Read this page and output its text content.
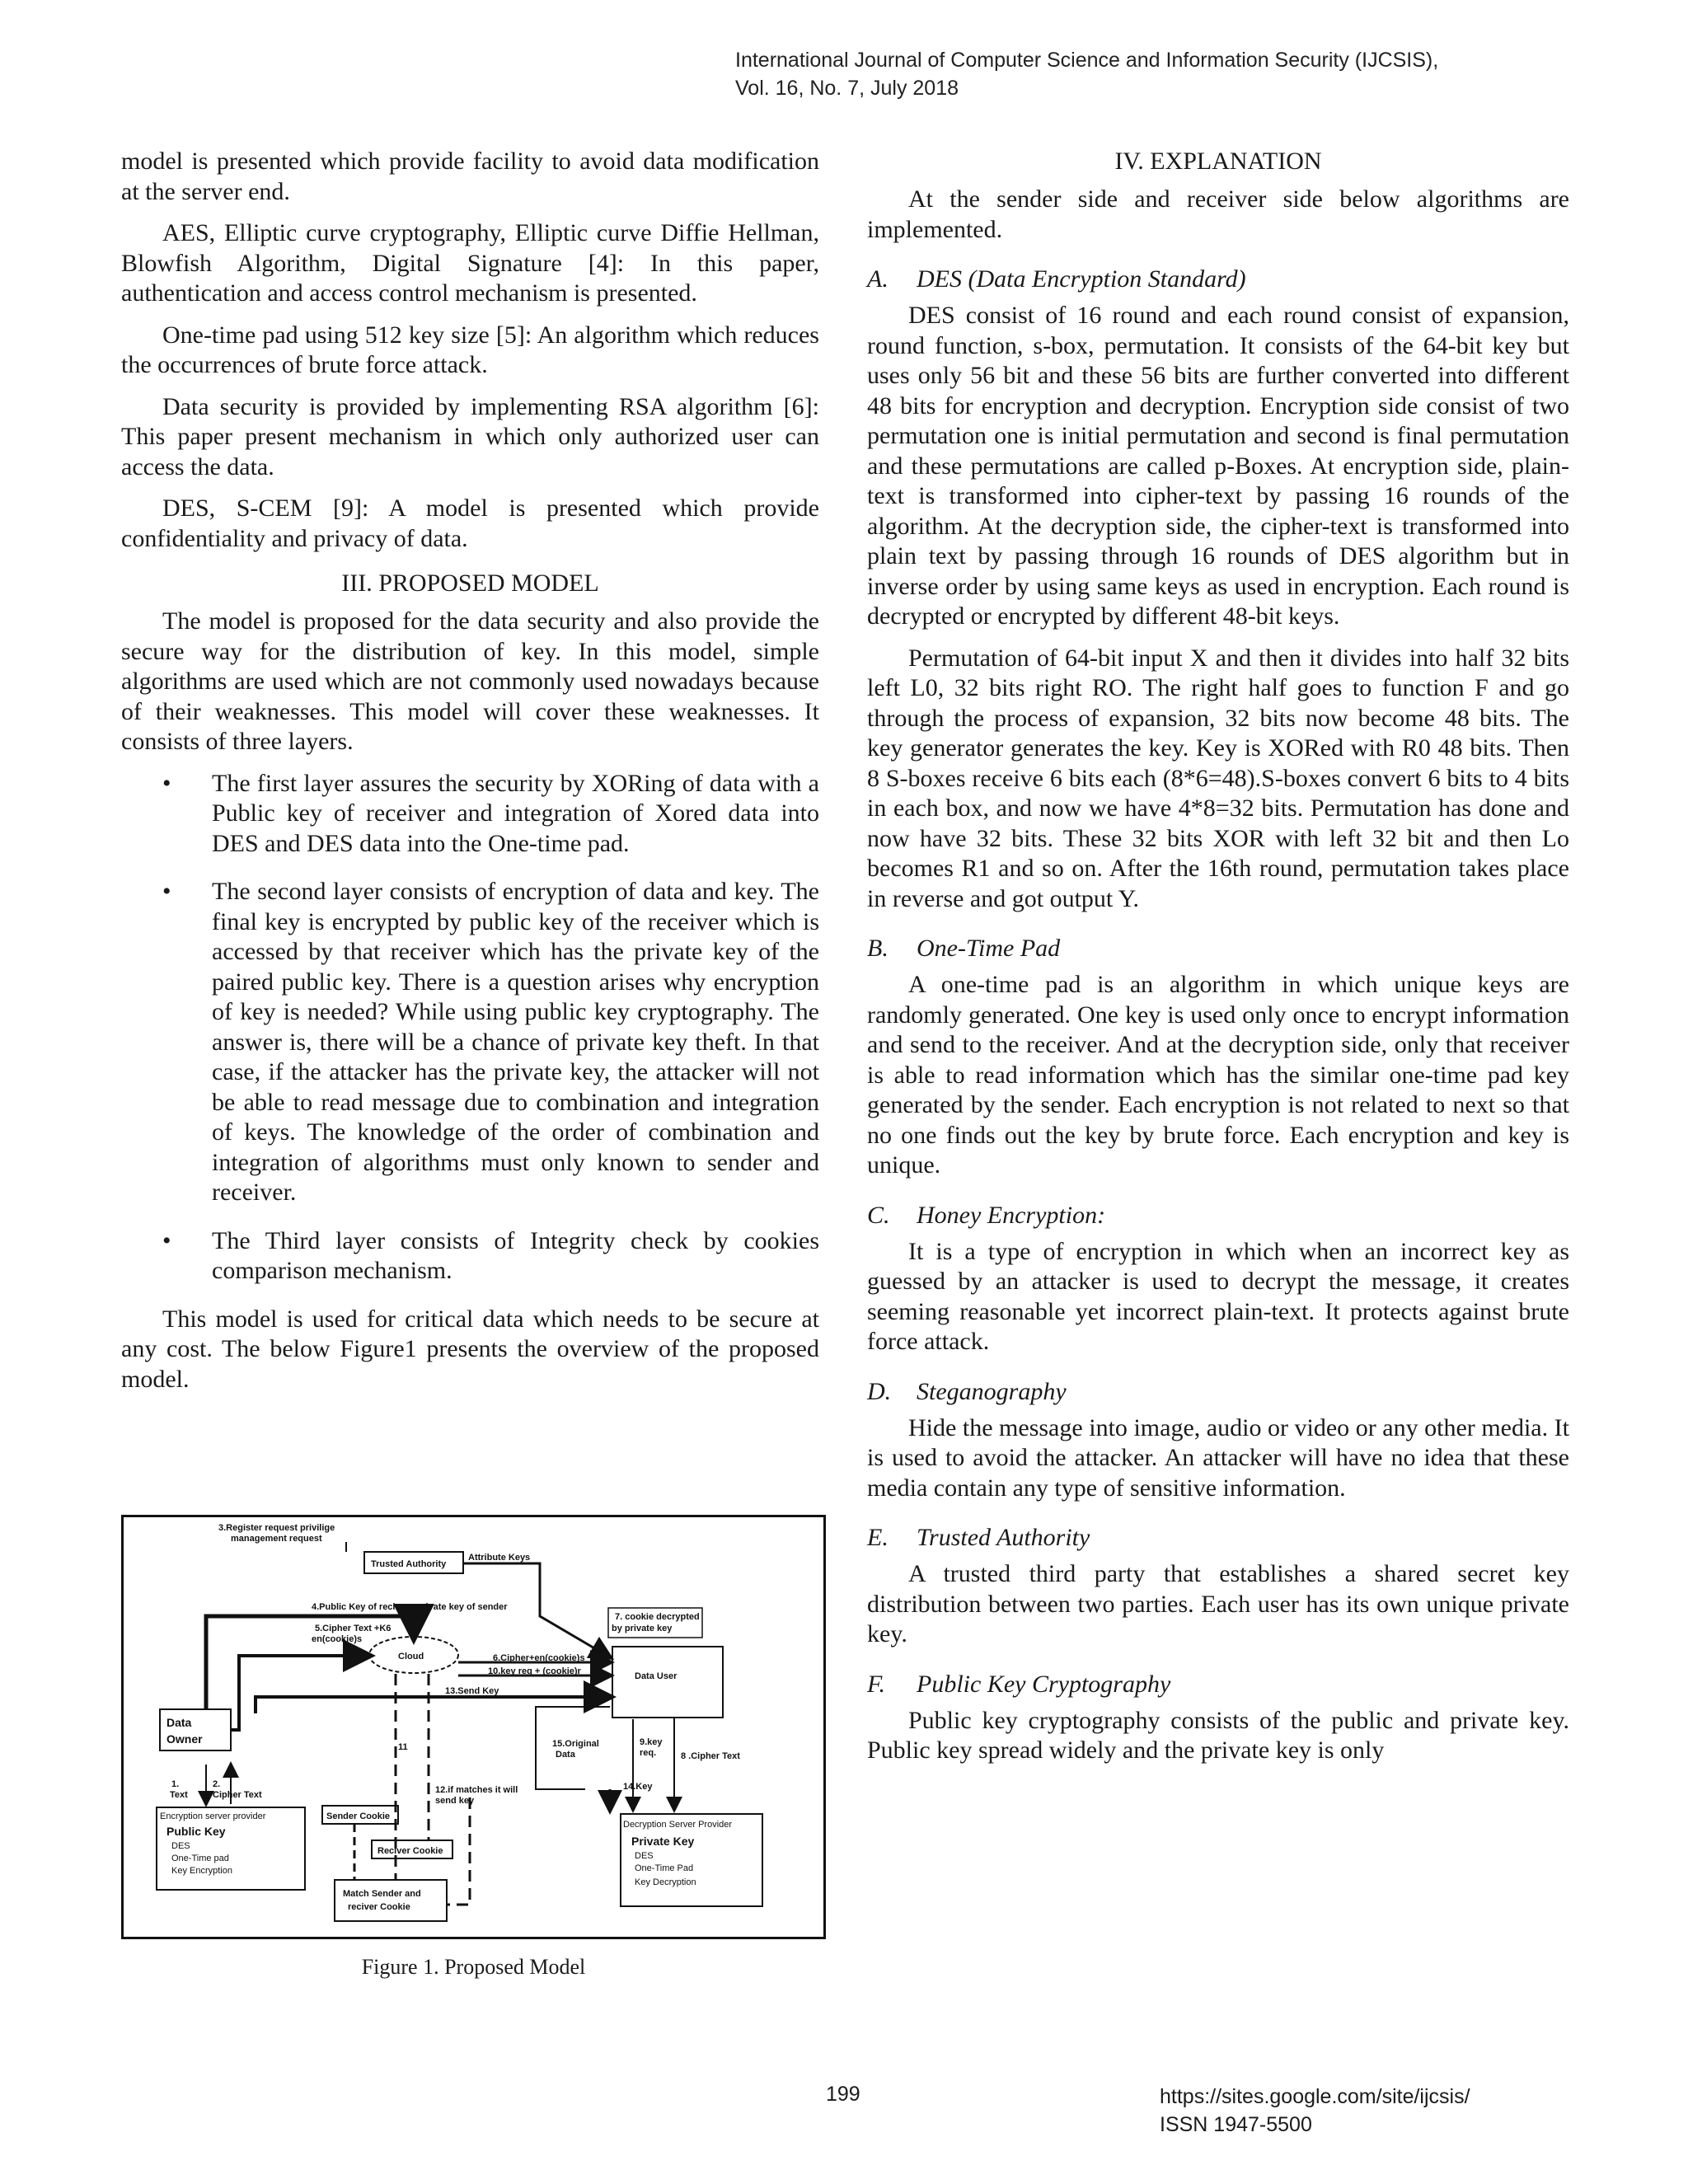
International Journal of Computer Science and Information Security (IJCSIS),
Vol. 16, No. 7, July 2018

model is presented which provide facility to avoid data modification at the server end.

AES, Elliptic curve cryptography, Elliptic curve Diffie Hellman, Blowfish Algorithm, Digital Signature [4]: In this paper, authentication and access control mechanism is presented.

One-time pad using 512 key size [5]: An algorithm which reduces the occurrences of brute force attack.

Data security is provided by implementing RSA algorithm [6]: This paper present mechanism in which only authorized user can access the data.

DES, S-CEM [9]: A model is presented which provide confidentiality and privacy of data.

III. PROPOSED MODEL

The model is proposed for the data security and also provide the secure way for the distribution of key. In this model, simple algorithms are used which are not commonly used nowadays because of their weaknesses. This model will cover these weaknesses. It consists of three layers.

• The first layer assures the security by XORing of data with a Public key of receiver and integration of Xored data into DES and DES data into the One-time pad.
• The second layer consists of encryption of data and key. The final key is encrypted by public key of the receiver which is accessed by that receiver which has the private key of the paired public key. There is a question arises why encryption of key is needed? While using public key cryptography. The answer is, there will be a chance of private key theft. In that case, if the attacker has the private key, the attacker will not be able to read message due to combination and integration of keys. The knowledge of the order of combination and integration of algorithms must only known to sender and receiver.
• The Third layer consists of Integrity check by cookies comparison mechanism.

This model is used for critical data which needs to be secure at any cost. The below Figure1 presents the overview of the proposed model.

3.Register request privilige
management request
Trusted Authority
Attribute Keys
4.Public Key of reciver +private key of sender
7. cookie decrypted
by private key
5.Cipher Text +K6
en(cookie)s
Cloud	6.Cipher+en(cookie)s
10.key req + (cookie)r	Data User
13.Send Key
Data
Owner
11	15.Original
Data
9.key
req.	8 .Cipher Text
1.
Text
2.
Cipher Text
Sender Cookie
12.if matches it will
send key
14.Key
Encryption server provider
Public Key
DES
One-Time pad
Key Encryption
Reciver Cookie
Decryption Server Provider
Private Key
DES
One-Time Pad
Key Decryption
Match Sender and
reciver Cookie
Figure 1. Proposed Model
IV. EXPLANATION

At the sender side and receiver side below algorithms are implemented.

A. DES (Data Encryption Standard)

DES consist of 16 round and each round consist of expansion, round function, s-box, permutation. It consists of the 64-bit key but uses only 56 bit and these 56 bits are further converted into different 48 bits for encryption and decryption. Encryption side consist of two permutation one is initial permutation and second is final permutation and these permutations are called p-Boxes. At encryption side, plain-text is transformed into cipher-text by passing 16 rounds of the algorithm. At the decryption side, the cipher-text is transformed into plain text by passing through 16 rounds of DES algorithm but in inverse order by using same keys as used in encryption. Each round is decrypted or encrypted by different 48-bit keys.

Permutation of 64-bit input X and then it divides into half 32 bits left L0, 32 bits right RO. The right half goes to function F and go through the process of expansion, 32 bits now become 48 bits. The key generator generates the key. Key is XORed with R0 48 bits. Then 8 S-boxes receive 6 bits each (8*6=48).S-boxes convert 6 bits to 4 bits in each box, and now we have 4*8=32 bits. Permutation has done and now have 32 bits. These 32 bits XOR with left 32 bit and then Lo becomes R1 and so on. After the 16th round, permutation takes place in reverse and got output Y.

B. One-Time Pad

A one-time pad is an algorithm in which unique keys are randomly generated. One key is used only once to encrypt information and send to the receiver. And at the decryption side, only that receiver is able to read information which has the similar one-time pad key generated by the sender. Each encryption is not related to next so that no one finds out the key by brute force. Each encryption and key is unique.

C. Honey Encryption:

It is a type of encryption in which when an incorrect key as guessed by an attacker is used to decrypt the message, it creates seeming reasonable yet incorrect plain-text. It protects against brute force attack.

D. Steganography

Hide the message into image, audio or video or any other media. It is used to avoid the attacker. An attacker will have no idea that these media contain any type of sensitive information.

E. Trusted Authority

A trusted third party that establishes a shared secret key distribution between two parties. Each user has its own unique private key.

F. Public Key Cryptography

Public key cryptography consists of the public and private key. Public key spread widely and the private key is only

199	https://sites.google.com/site/ijcsis/
ISSN 1947-5500
